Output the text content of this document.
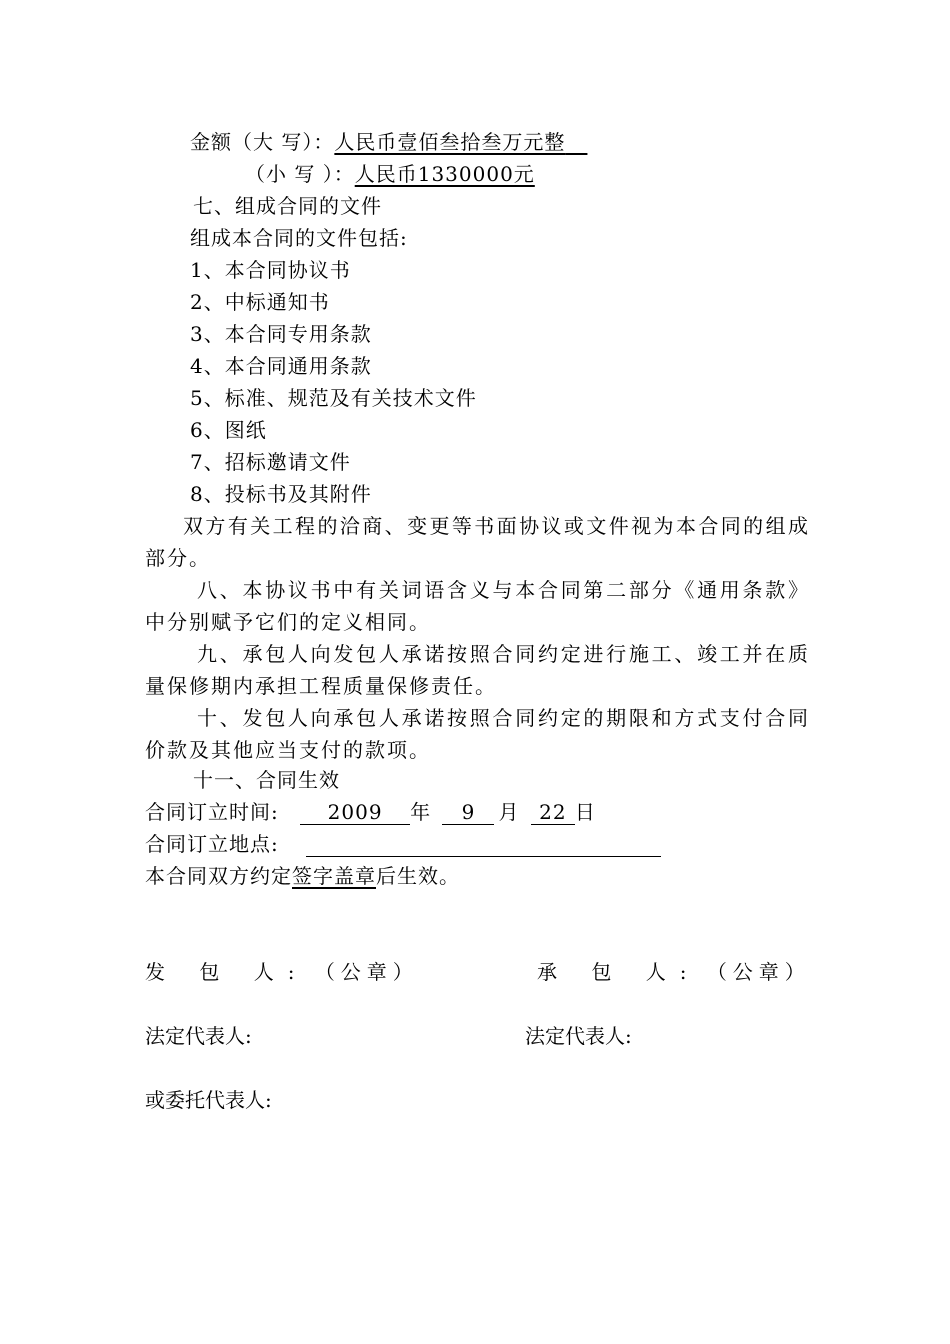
金额（大 写）：人民币壹佰叁拾叁万元整
（小 写 ）：人民币1330000元
七、组成合同的文件
组成本合同的文件包括:
1、本合同协议书
2、中标通知书
3、本合同专用条款
4、本合同通用条款
5、标准、规范及有关技术文件
6、图纸
7、招标邀请文件
8、投标书及其附件

双方有关工程的洽商、变更等书面协议或文件视为本合同的组成部分。

八、本协议书中有关词语含义与本合同第二部分《通用条款》中分别赋予它们的定义相同。

九、承包人向发包人承诺按照合同约定进行施工、竣工并在质量保修期内承担工程质量保修责任。

十、发包人向承包人承诺按照合同约定的期限和方式支付合同价款及其他应当支付的款项。

十一、合同生效
合同订立时间: 2009 年 9 月 22 日
合同订立地点:
本合同双方约定签字盖章后生效。
发 包 人: （公章）	承 包 人: （公章）
法定代表人:	法定代表人:
或委托代表人:
